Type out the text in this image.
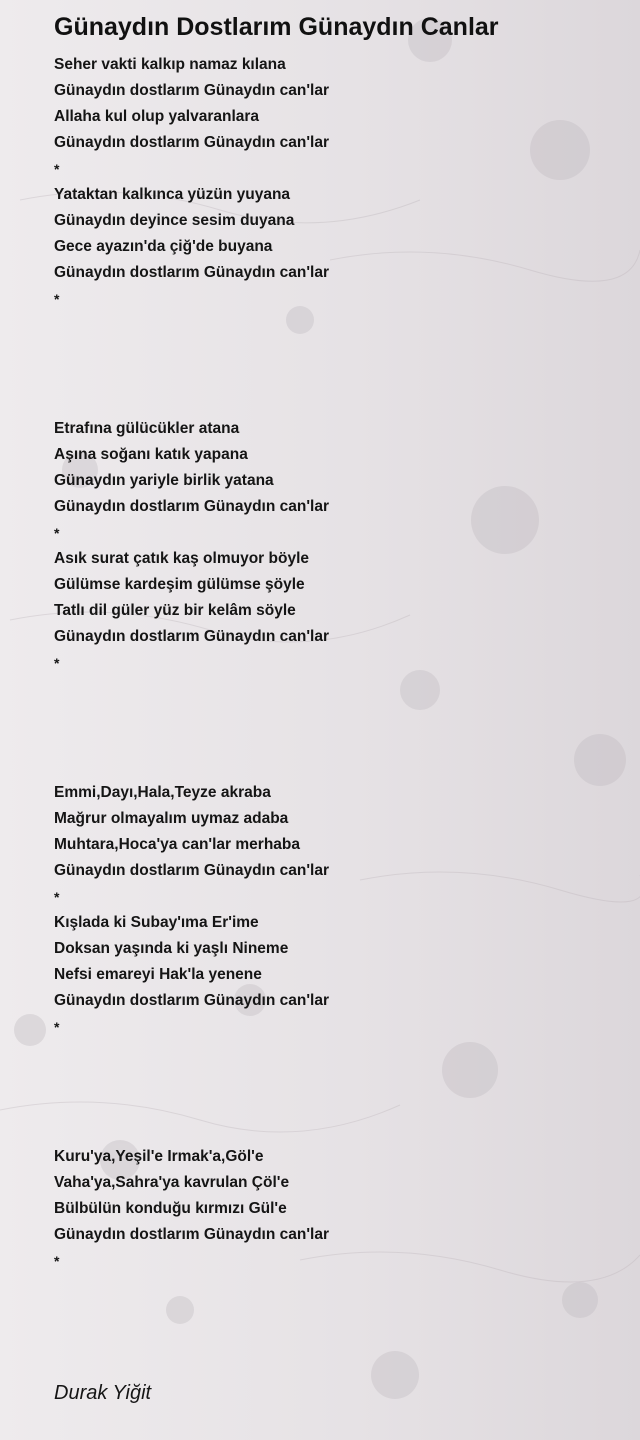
Günaydın Dostlarım Günaydın Canlar
Seher vakti kalkıp namaz kılana
Günaydın dostlarım Günaydın can'lar
Allaha kul olup yalvaranlara
Günaydın dostlarım Günaydın can'lar
*
Yataktan kalkınca yüzün yuyana
Günaydın deyince sesim duyana
Gece ayazın'da çiğ'de buyana
Günaydın dostlarım Günaydın can'lar
*
Etrafına gülücükler atana
Aşına soğanı katık yapana
Günaydın yariyle birlik yatana
Günaydın dostlarım Günaydın can'lar
*
Asık surat çatık kaş olmuyor böyle
Gülümse kardeşim gülümse şöyle
Tatlı dil güler yüz bir kelâm söyle
Günaydın dostlarım Günaydın can'lar
*
Emmi,Dayı,Hala,Teyze akraba
Mağrur olmayalım uymaz adaba
Muhtara,Hoca'ya can'lar merhaba
Günaydın dostlarım Günaydın can'lar
*
Kışlada ki Subay'ıma Er'ime
Doksan yaşında ki yaşlı Nineme
Nefsi emareyi Hak'la yenene
Günaydın dostlarım Günaydın can'lar
*
Kuru'ya,Yeşil'e Irmak'a,Göl'e
Vaha'ya,Sahra'ya kavrulan Çöl'e
Bülbülün konduğu kırmızı Gül'e
Günaydın dostlarım Günaydın can'lar
*
Durak Yiğit
